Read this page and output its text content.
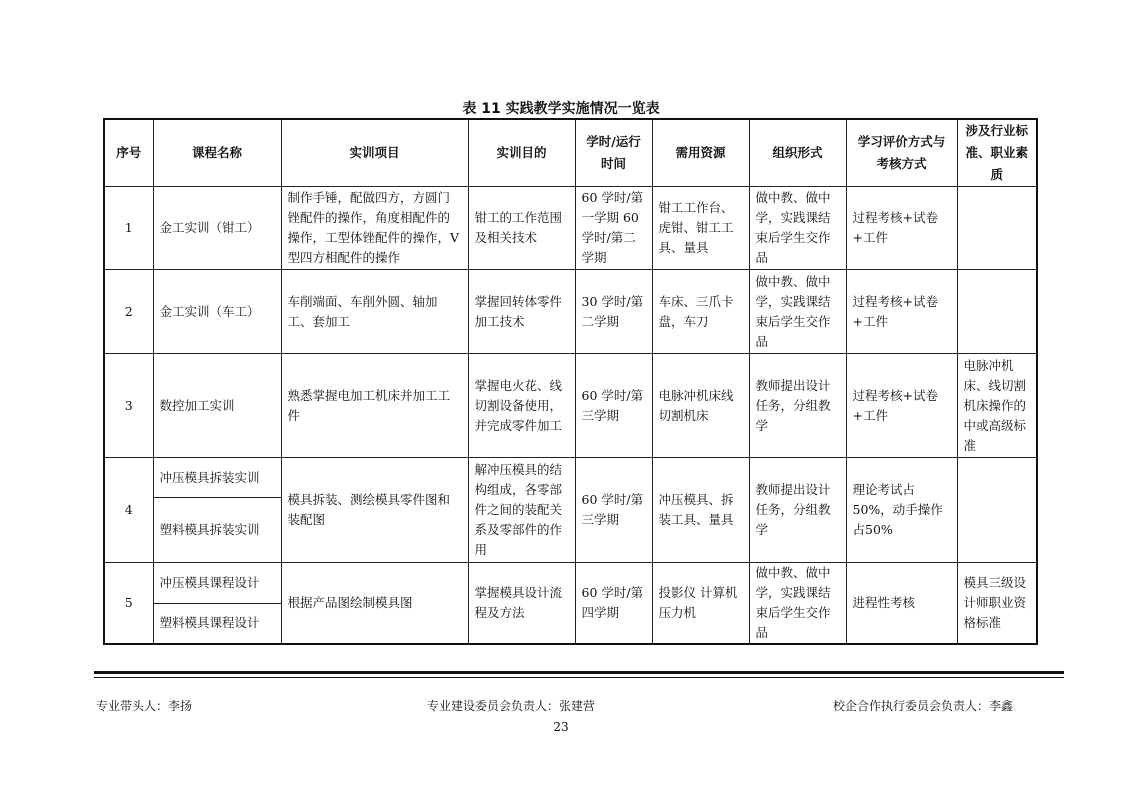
表 11 实践教学实施情况一览表
序号	课程名称	实训项目	实训目的	学时/运行时间	需用资源	组织形式	学习评价方式与考核方式	涉及行业标准、职业素质
1	金工实训（钳工）	制作手锤，配做四方，方圆门锉配件的操作，角度相配件的操作，工型体锉配件的操作，V 型四方相配件的操作	钳工的工作范围及相关技术	60 学时/第一学期 60 学时/第二学期	钳工工作台、虎钳、钳工工具、量具	做中教、做中学，实践课结束后学生交作品	过程考核+试卷+工件	
2	金工实训（车工）	车削端面、车削外圆、轴加工、套加工	掌握回转体零件加工技术	30 学时/第二学期	车床、三爪卡盘，车刀	做中教、做中学，实践课结束后学生交作品	过程考核+试卷+工件	
3	数控加工实训	熟悉掌握电加工机床并加工工件	掌握电火花、线切割设备使用，并完成零件加工	60 学时/第三学期	电脉冲机床线切割机床	教师提出设计任务，分组教学	过程考核+试卷+工件	电脉冲机床、线切割机床操作的中或高级标准
4	冲压模具拆装实训	模具拆装、测绘模具零件图和装配图	解冲压模具的结构组成，各零部件之间的装配关系及零部件的作用	60 学时/第三学期	冲压模具、拆装工具、量具	教师提出设计任务，分组教学	理论考试占50%，动手操作占50%	
	塑料模具拆装实训							
5	冲压模具课程设计	根据产品图绘制模具图	掌握模具设计流程及方法	60 学时/第四学期	投影仪 计算机 压力机	做中教、做中学，实践课结束后学生交作品	进程性考核	模具三级设计师职业资格标准
	塑料模具课程设计							
专业带头人：李扬	专业建设委员会负责人：张建营	校企合作执行委员会负责人：李鑫
23
